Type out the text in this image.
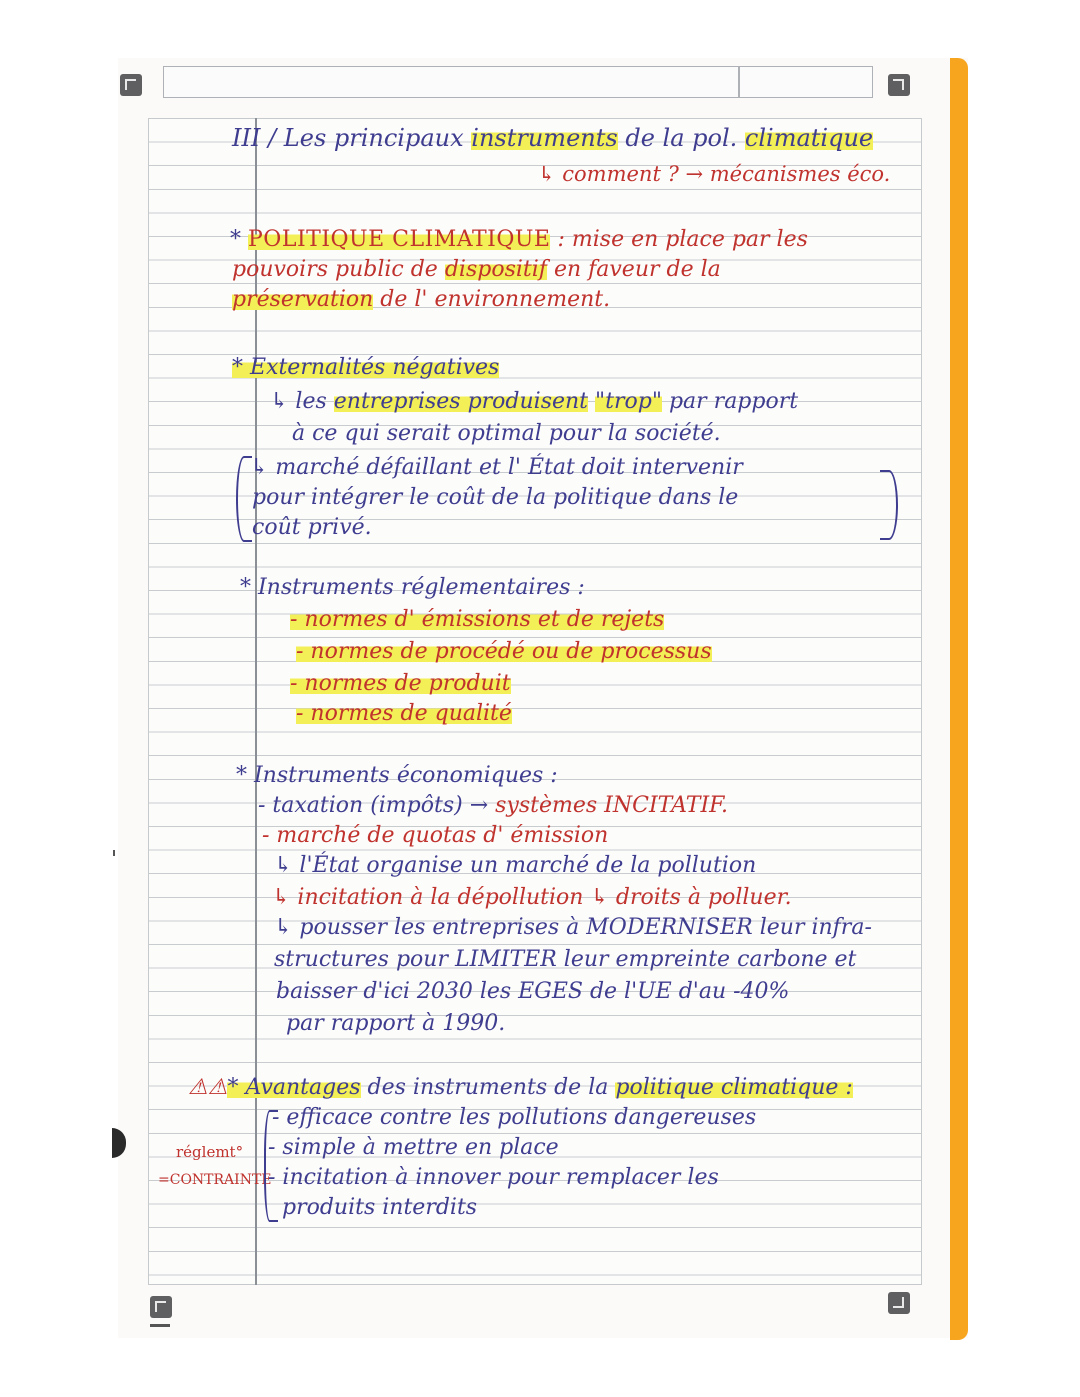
III / Les principaux instruments de la pol. climatique
↳ comment ? → mécanismes éco.
* POLITIQUE CLIMATIQUE : mise en place par les
pouvoirs public de dispositif en faveur de la
préservation de l' environnement.
* Externalités négatives
↳ les entreprises produisent "trop" par rapport
à ce qui serait optimal pour la société.
↳ marché défaillant et l' État doit intervenir
pour intégrer le coût de la politique dans le
coût privé.
* Instruments réglementaires :
- normes d' émissions et de rejets
- normes de procédé ou de processus
- normes de produit
- normes de qualité
* Instruments économiques :
- taxation (impôts) → systèmes INCITATIF.
- marché de quotas d' émission
↳ l'État organise un marché de la pollution
↳ incitation à la dépollution ↳ droits à polluer.
↳ pousser les entreprises à MODERNISER leur infra-
structures pour LIMITER leur empreinte carbone et
baisser d'ici 2030 les EGES de l'UE d'au -40%
par rapport à 1990.
⚠⚠* Avantages des instruments de la politique climatique :
réglemt°
=CONTRAINTE
- efficace contre les pollutions dangereuses
- simple à mettre en place
- incitation à innover pour remplacer les
produits interdits
